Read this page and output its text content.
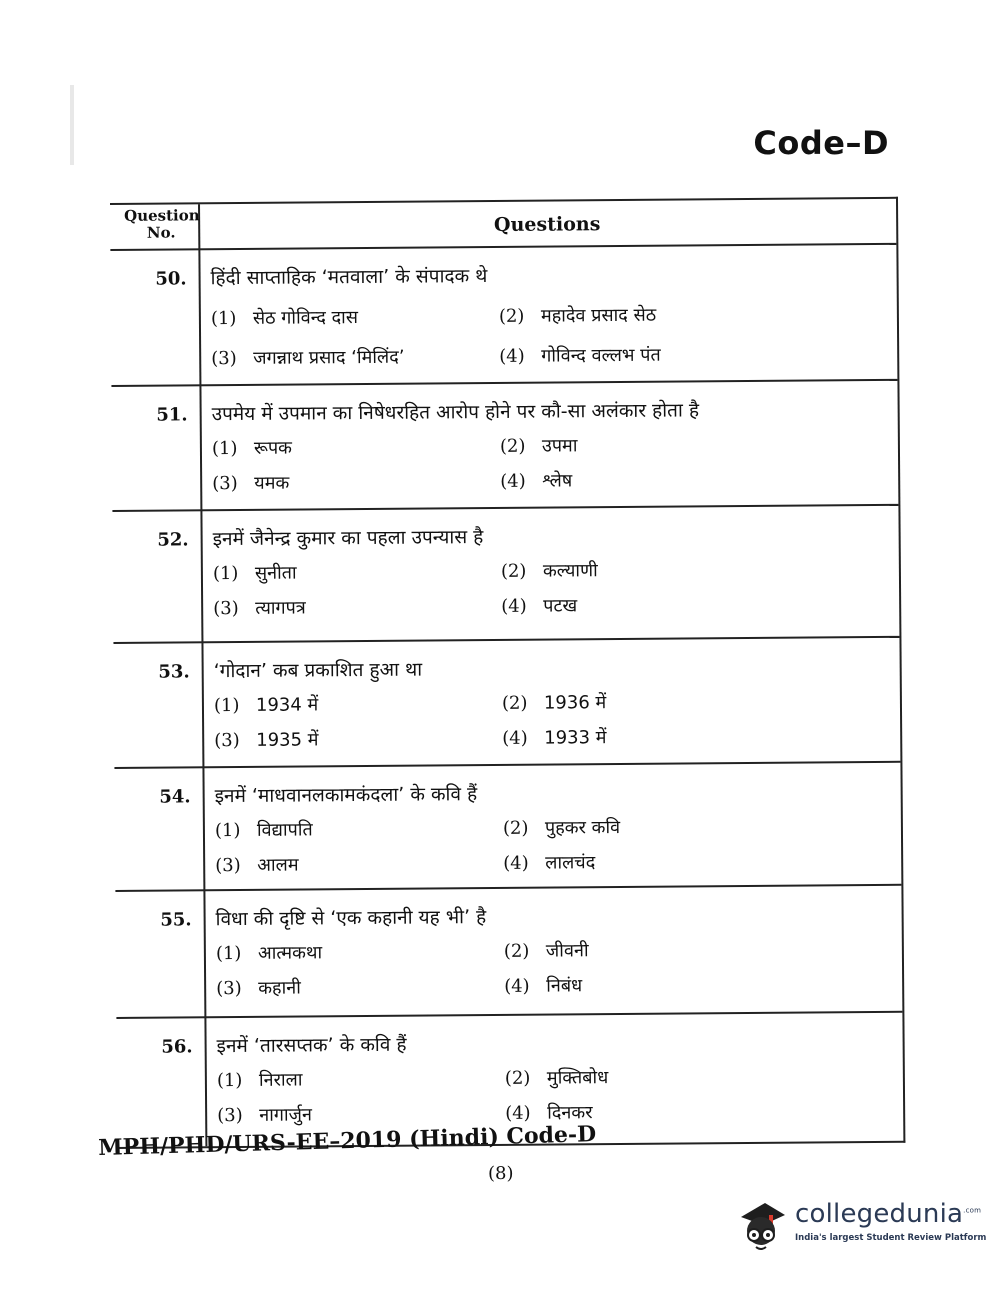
Code–D
Question No.	Questions
50. हिंदी साप्ताहिक ‘मतवाला’ के संपादक थे
(1) सेठ गोविन्द दास	(2) महादेव प्रसाद सेठ
(3) जगन्नाथ प्रसाद ‘मिलिंद’	(4) गोविन्द वल्लभ पंत
51. उपमेय में उपमान का निषेधरहित आरोप होने पर कौ-सा अलंकार होता है
(1) रूपक	(2) उपमा
(3) यमक	(4) श्लेष
52. इनमें जैनेन्द्र कुमार का पहला उपन्यास है
(1) सुनीता	(2) कल्याणी
(3) त्यागपत्र	(4) पटख
53. ‘गोदान’ कब प्रकाशित हुआ था
(1) 1934 में	(2) 1936 में
(3) 1935 में	(4) 1933 में
54. इनमें ‘माधवानलकामकंदला’ के कवि हैं
(1) विद्यापति	(2) पुहकर कवि
(3) आलम	(4) लालचंद
55. विधा की दृष्टि से ‘एक कहानी यह भी’ है
(1) आत्मकथा	(2) जीवनी
(3) कहानी	(4) निबंध
56. इनमें ‘तारसप्तक’ के कवि हैं
(1) निराला	(2) मुक्तिबोध
(3) नागार्जुन	(4) दिनकर
MPH/PHD/URS-EE–2019 (Hindi) Code-D
(8)
collegedunia$^{.com}$
India's largest Student Review Platform
